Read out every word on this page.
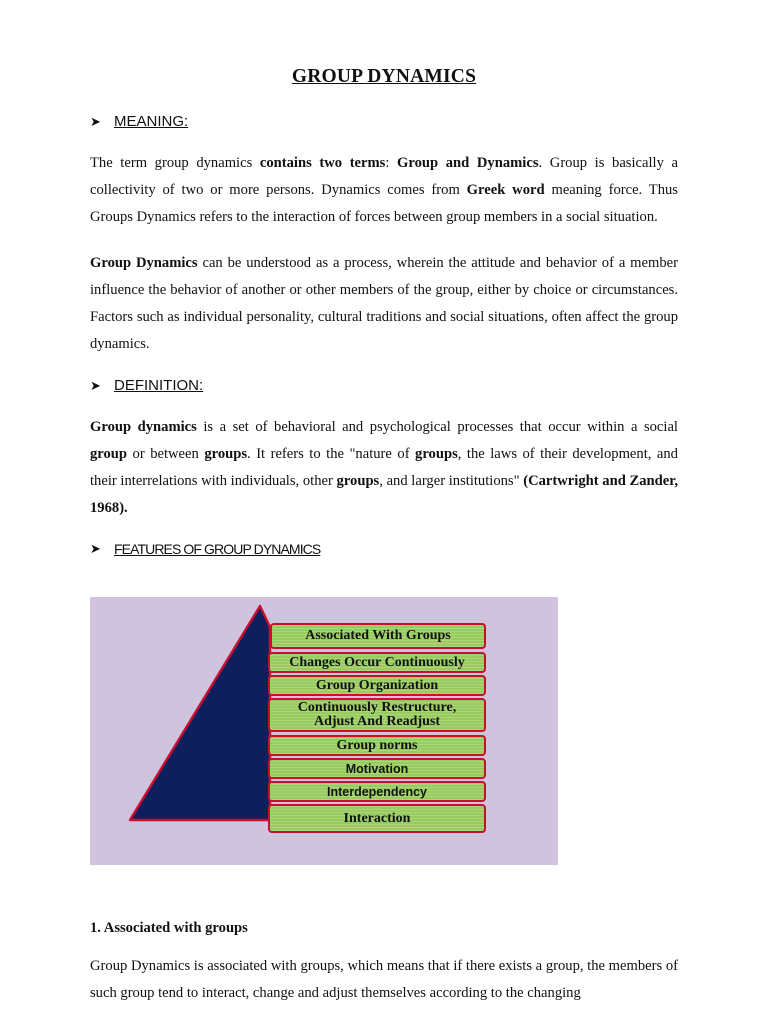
GROUP DYNAMICS
➤ MEANING:

The term group dynamics contains two terms: Group and Dynamics. Group is basically a collectivity of two or more persons. Dynamics comes from Greek word meaning force. Thus Groups Dynamics refers to the interaction of forces between group members in a social situation.

Group Dynamics can be understood as a process, wherein the attitude and behavior of a member influence the behavior of another or other members of the group, either by choice or circumstances. Factors such as individual personality, cultural traditions and social situations, often affect the group dynamics.

➤ DEFINITION:

Group dynamics is a set of behavioral and psychological processes that occur within a social group or between groups. It refers to the "nature of groups, the laws of their development, and their interrelations with individuals, other groups, and larger institutions" (Cartwright and Zander, 1968).

➤ FEATURES OF GROUP DYNAMICS
Associated With Groups
Changes Occur Continuously
Group Organization
Continuously Restructure,
Adjust And Readjust
Group norms
Motivation
Interdependency
Interaction
1. Associated with groups

Group Dynamics is associated with groups, which means that if there exists a group, the members of such group tend to interact, change and adjust themselves according to the changing
